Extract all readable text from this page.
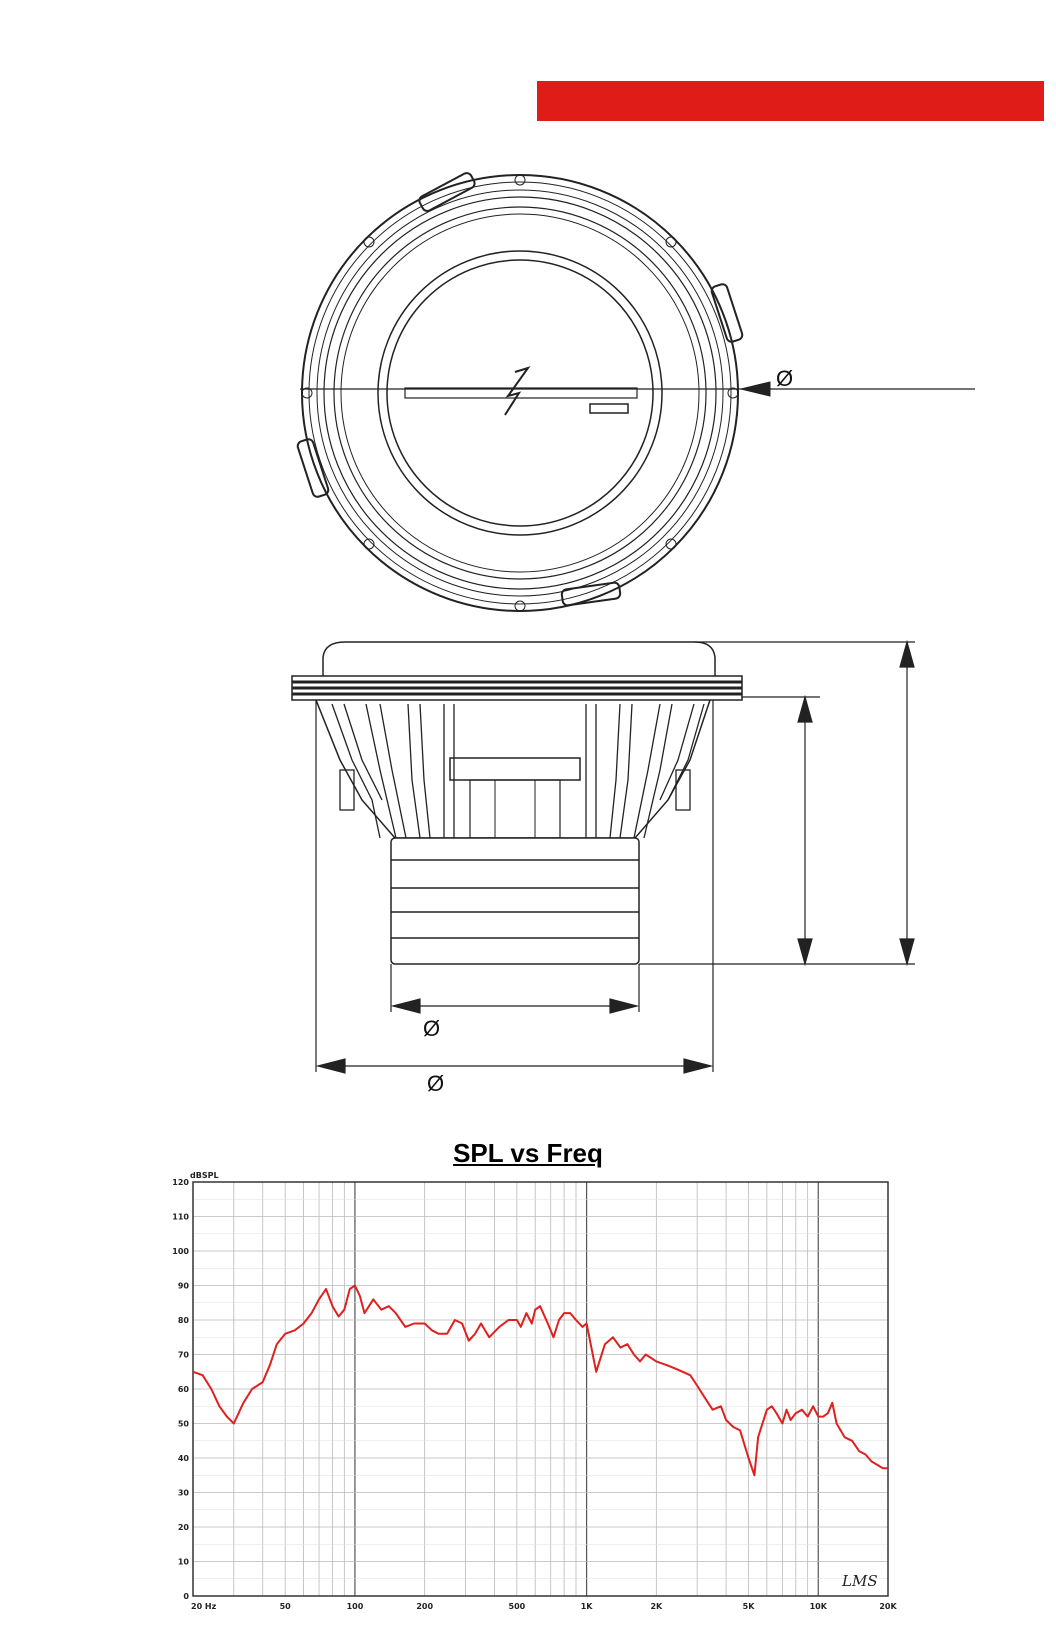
Ø
Ø
Ø
SPL vs Freq
dBSPL
0
10
20
30
40
50
60
70
80
90
100
110
120
20 Hz	50	100	200	500	1K	2K	5K	10K	20K
LMS
